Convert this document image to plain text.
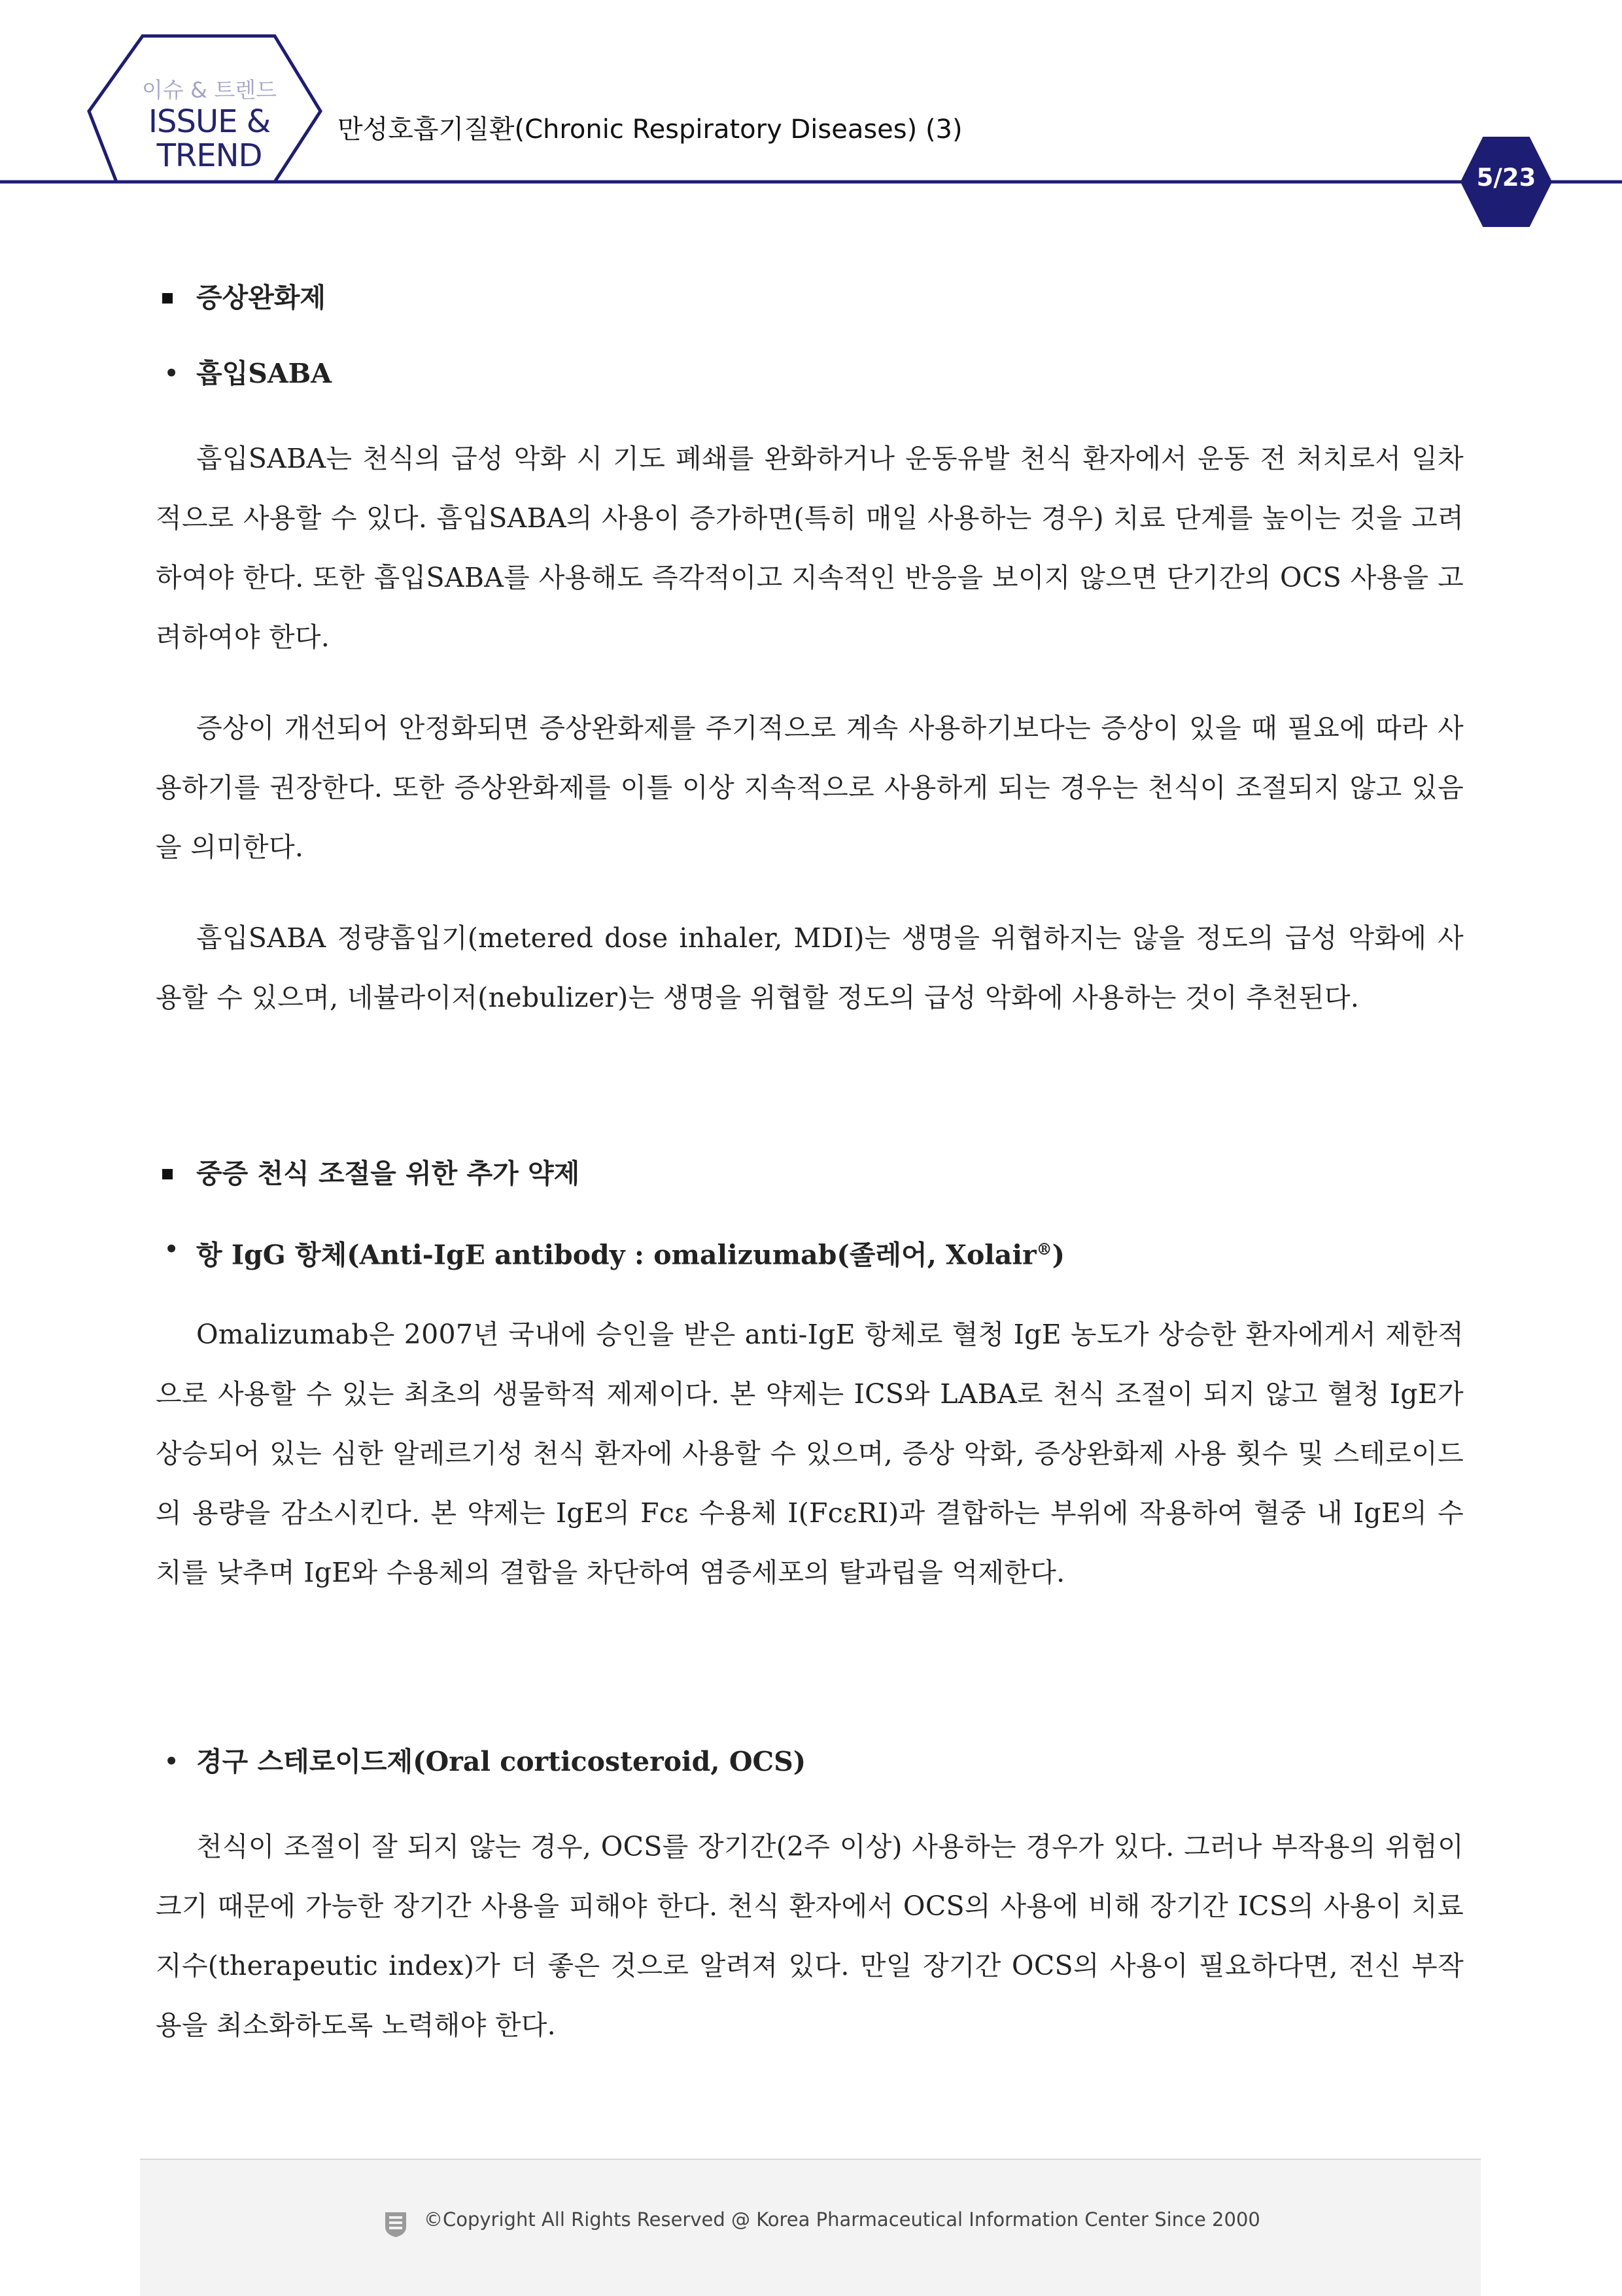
이슈 & 트렌드
ISSUE &
TREND
만성호흡기질환(Chronic Respiratory Diseases) (3)
5/23
증상완화제
• 흡입SABA

흡입SABA는 천식의 급성 악화 시 기도 폐쇄를 완화하거나 운동유발 천식 환자에서 운동 전 처치로서 일차적으로 사용할 수 있다. 흡입SABA의 사용이 증가하면(특히 매일 사용하는 경우) 치료 단계를 높이는 것을 고려하여야 한다. 또한 흡입SABA를 사용해도 즉각적이고 지속적인 반응을 보이지 않으면 단기간의 OCS 사용을 고려하여야 한다.

증상이 개선되어 안정화되면 증상완화제를 주기적으로 계속 사용하기보다는 증상이 있을 때 필요에 따라 사용하기를 권장한다. 또한 증상완화제를 이틀 이상 지속적으로 사용하게 되는 경우는 천식이 조절되지 않고 있음을 의미한다.

흡입SABA 정량흡입기(metered dose inhaler, MDI)는 생명을 위협하지는 않을 정도의 급성 악화에 사용할 수 있으며, 네뷸라이저(nebulizer)는 생명을 위협할 정도의 급성 악화에 사용하는 것이 추천된다.

중증 천식 조절을 위한 추가 약제
• 항 IgG 항체(Anti-IgE antibody : omalizumab(졸레어, Xolair®)

Omalizumab은 2007년 국내에 승인을 받은 anti-IgE 항체로 혈청 IgE 농도가 상승한 환자에게서 제한적으로 사용할 수 있는 최초의 생물학적 제제이다. 본 약제는 ICS와 LABA로 천식 조절이 되지 않고 혈청 IgE가 상승되어 있는 심한 알레르기성 천식 환자에 사용할 수 있으며, 증상 악화, 증상완화제 사용 횟수 및 스테로이드의 용량을 감소시킨다. 본 약제는 IgE의 Fcε 수용체 I(FcεRI)과 결합하는 부위에 작용하여 혈중 내 IgE의 수치를 낮추며 IgE와 수용체의 결합을 차단하여 염증세포의 탈과립을 억제한다.

• 경구 스테로이드제(Oral corticosteroid, OCS)

천식이 조절이 잘 되지 않는 경우, OCS를 장기간(2주 이상) 사용하는 경우가 있다. 그러나 부작용의 위험이 크기 때문에 가능한 장기간 사용을 피해야 한다. 천식 환자에서 OCS의 사용에 비해 장기간 ICS의 사용이 치료 지수(therapeutic index)가 더 좋은 것으로 알려져 있다. 만일 장기간 OCS의 사용이 필요하다면, 전신 부작용을 최소화하도록 노력해야 한다.

©Copyright All Rights Reserved @ Korea Pharmaceutical Information Center Since 2000
